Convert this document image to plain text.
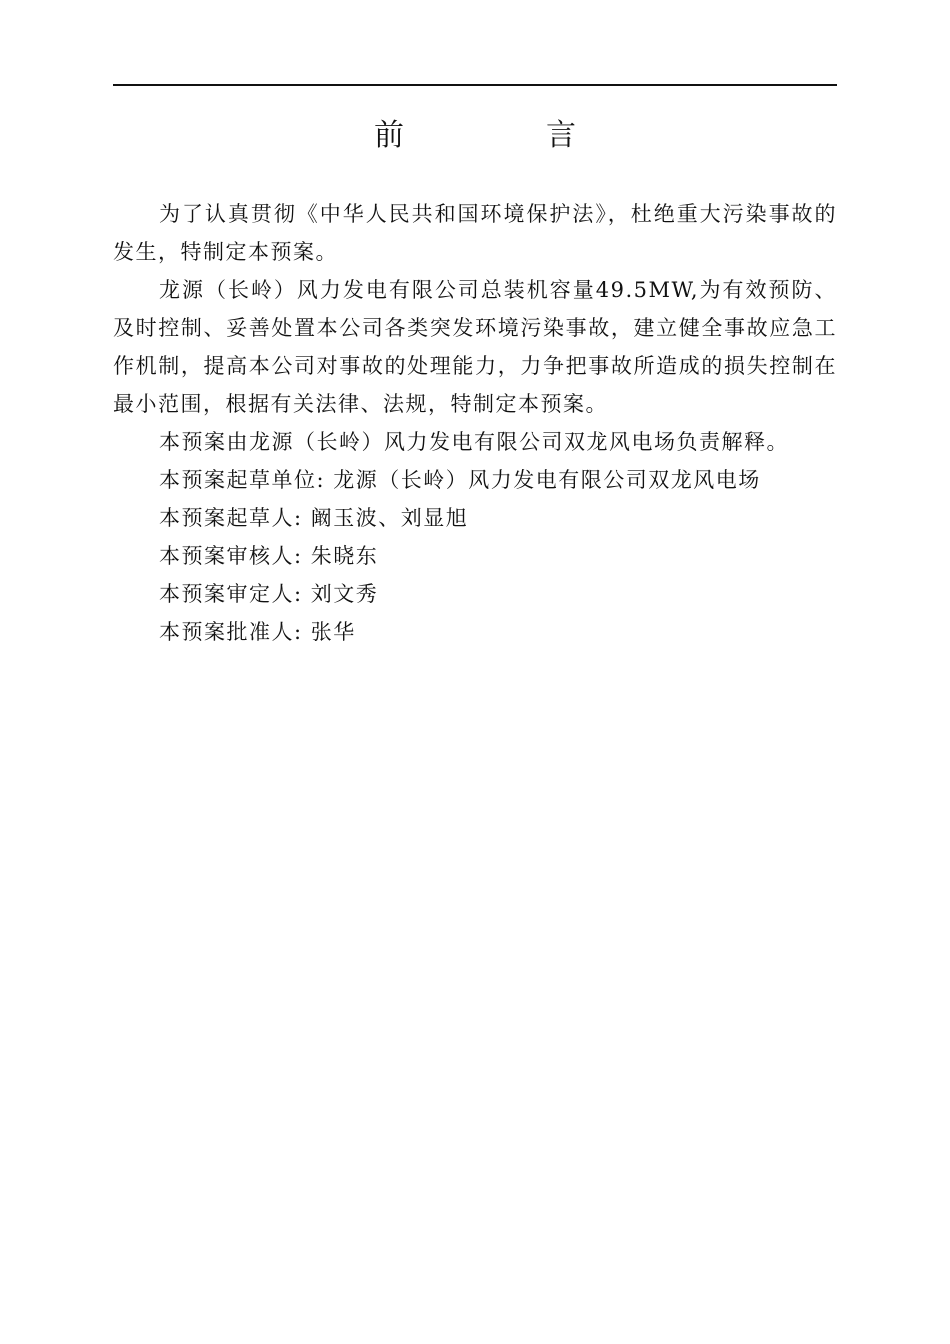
前　言

为了认真贯彻《中华人民共和国环境保护法》，杜绝重大污染事故的发生，特制定本预案。

龙源（长岭）风力发电有限公司总装机容量49.5MW,为有效预防、及时控制、妥善处置本公司各类突发环境污染事故，建立健全事故应急工作机制，提高本公司对事故的处理能力，力争把事故所造成的损失控制在最小范围，根据有关法律、法规，特制定本预案。

本预案由龙源（长岭）风力发电有限公司双龙风电场负责解释。

本预案起草单位: 龙源（长岭）风力发电有限公司双龙风电场

本预案起草人: 阚玉波、刘显旭

本预案审核人: 朱晓东

本预案审定人: 刘文秀

本预案批准人: 张华
